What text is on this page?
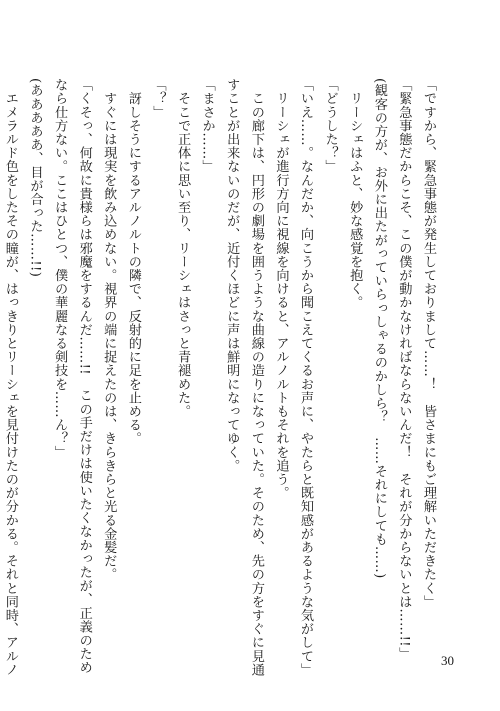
「ですから、緊急事態が発生しておりまして……！　皆さまにもご理解いただきたく」

「緊急事態だからこそ、この僕が動かなければならないんだ！　それが分からないとは……!!」

(観客の方が、お外に出たがっていらっしゃるのかしら？　……それにしても……)

　リーシェはふと、妙な感覚を抱く。

「どうした？」

「いえ……。なんだか、向こうから聞こえてくるお声に、やたらと既知感があるような気がして」

　リーシェが進行方向に視線を向けると、アルノルトもそれを追う。

　この廊下は、円形の劇場を囲うような曲線の造りになっていた。そのため、先の方をすぐに見通

すことが出来ないのだが、近付くほどに声は鮮明になってゆく。

「まさか……」

　そこで正体に思い至り、リーシェはさっと青褪めた。

「？」

　訝しそうにするアルノルトの隣で、反射的に足を止める。

　すぐには現実を飲み込めない。視界の端に捉えたのは、きらきらと光る金髪だ。

「くそっ、何故に貴様らは邪魔をするんだ……!!　この手だけは使いたくなかったが、正義のため

なら仕方ない。ここはひとつ、僕の華麗なる剣技を……ん？」

(あああああ、目が合った……!!)

　エメラルド色をしたその瞳が、はっきりとリーシェを見付けたのが分かる。それと同時、アルノ	30
